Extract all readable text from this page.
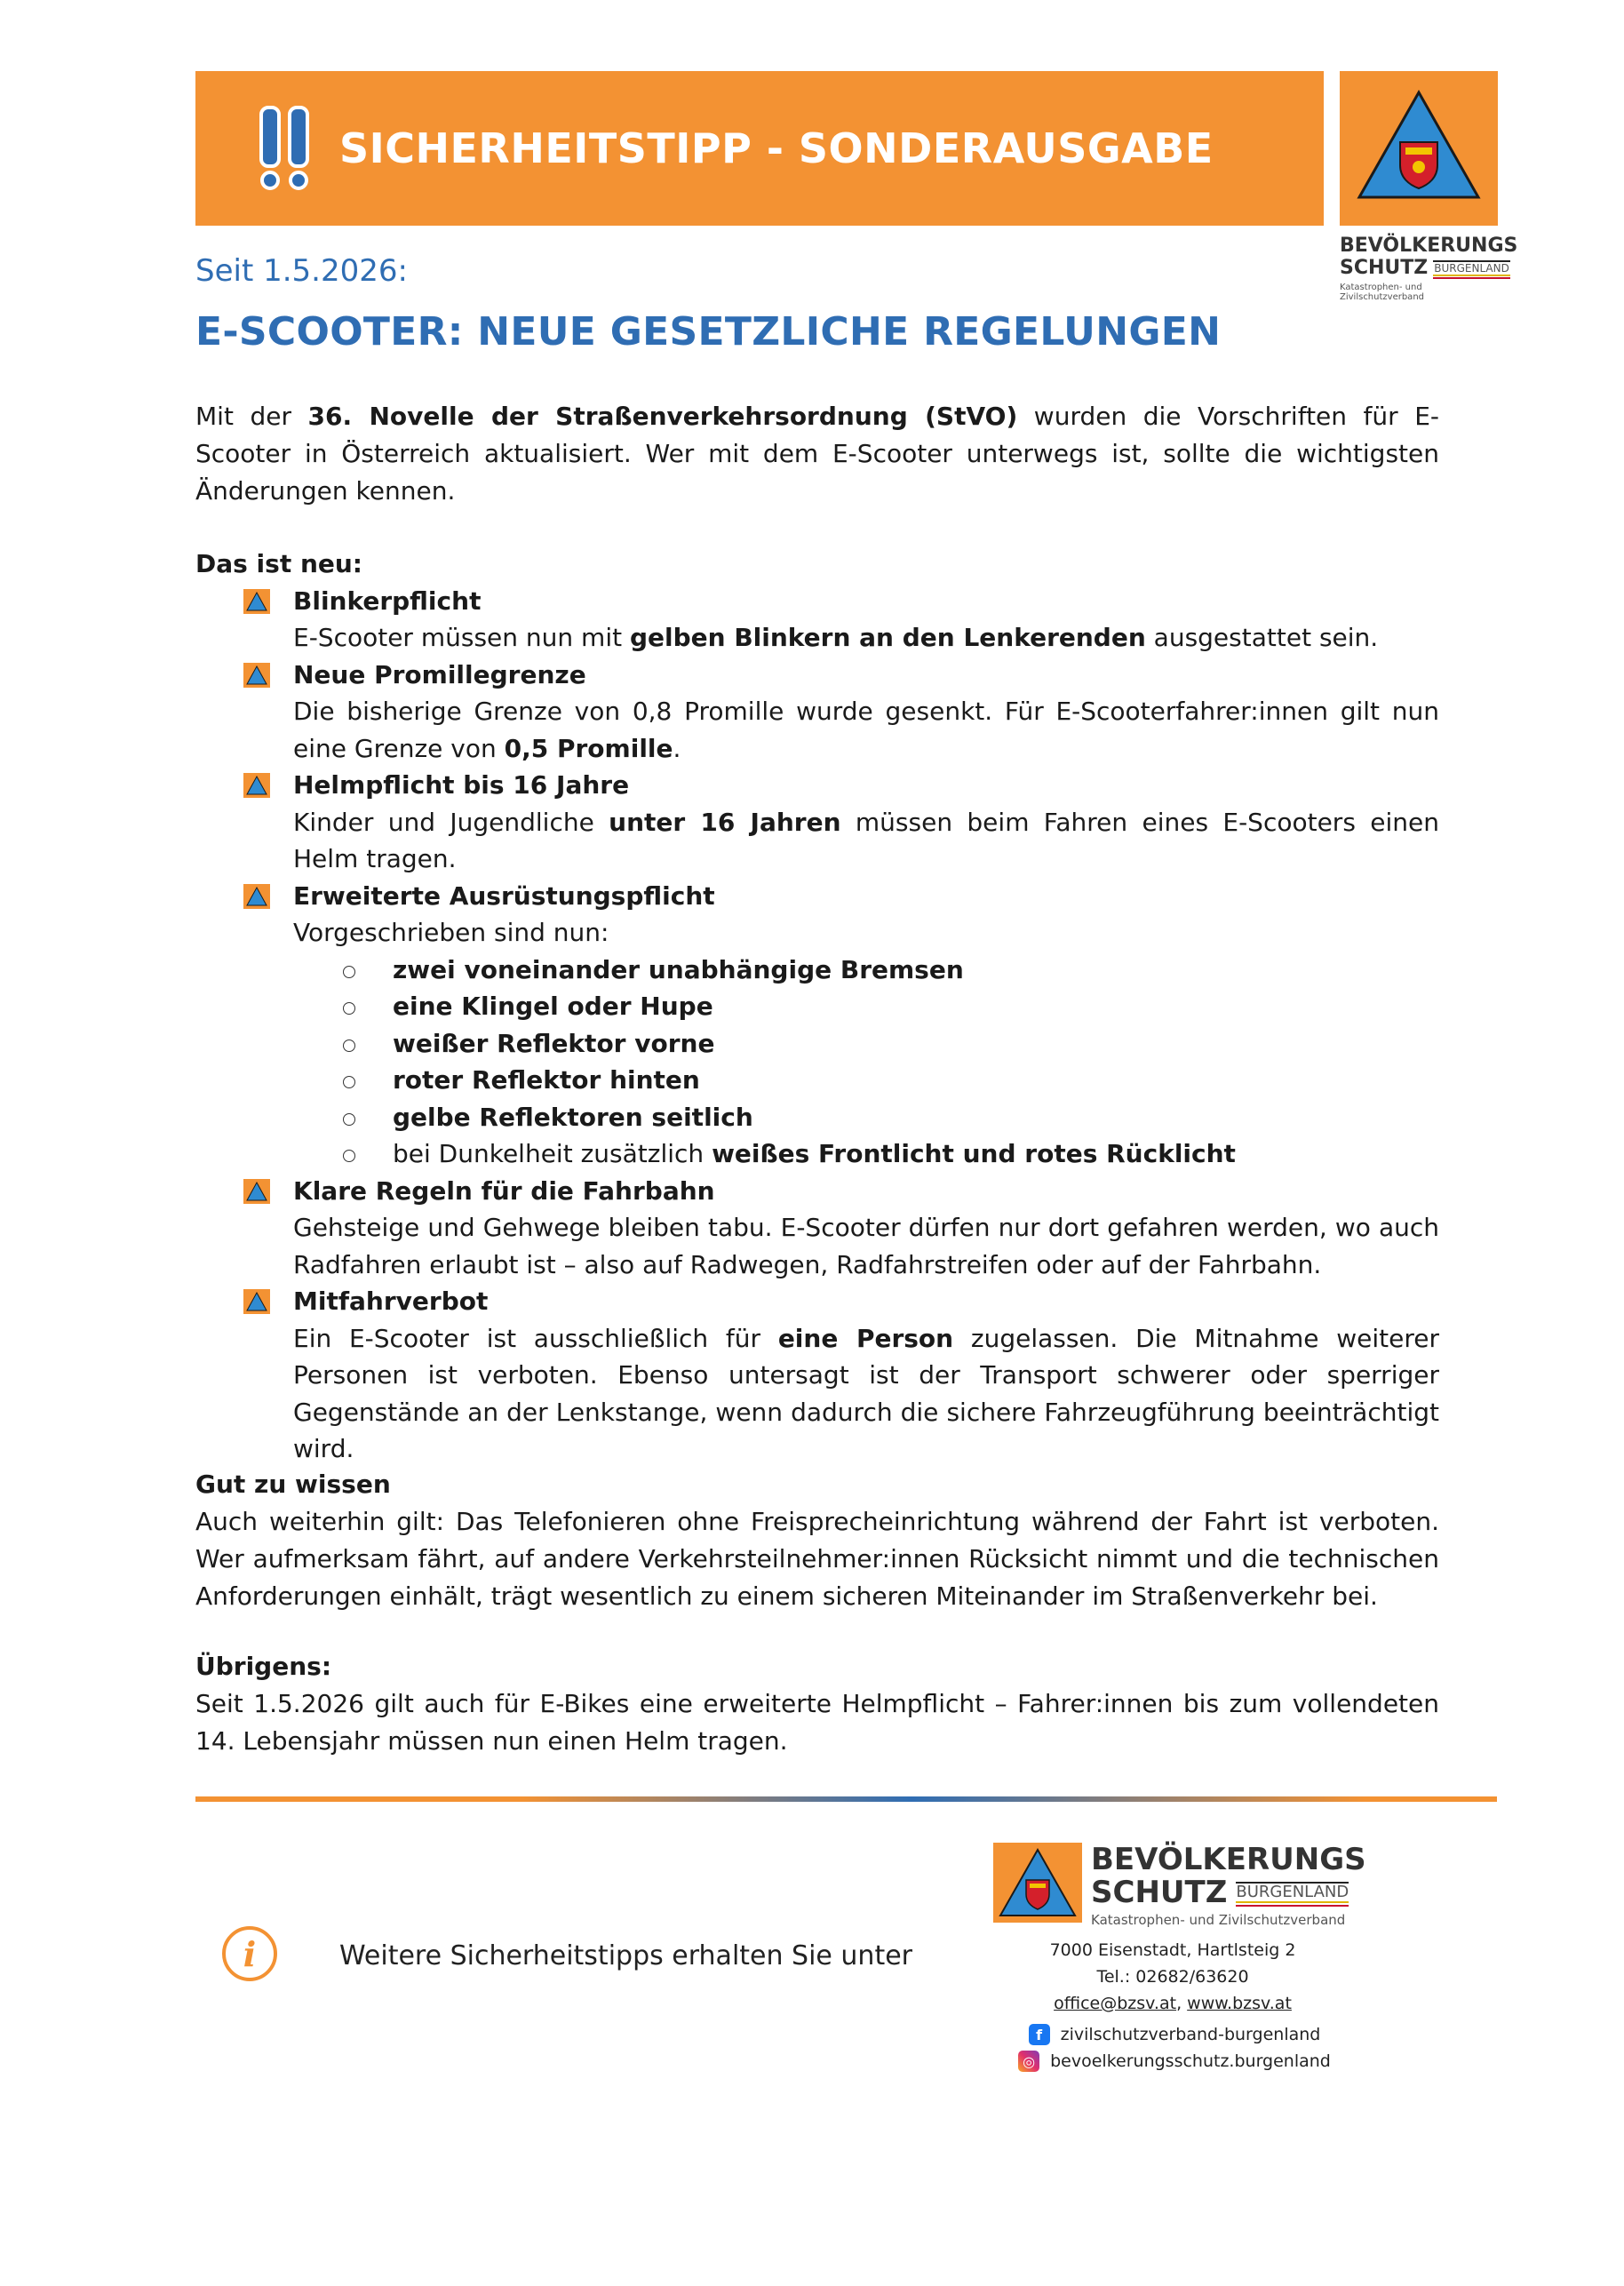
SICHERHEITSTIPP - SONDERAUSGABE
BEVÖLKERUNGS
SCHUTZ BURGENLAND
Katastrophen- und Zivilschutzverband
Seit 1.5.2026:
E-SCOOTER: NEUE GESETZLICHE REGELUNGEN
Mit der 36. Novelle der Straßenverkehrsordnung (StVO) wurden die Vorschriften für E-Scooter in Österreich aktualisiert. Wer mit dem E-Scooter unterwegs ist, sollte die wichtigsten Änderungen kennen.
Das ist neu:
Blinkerpflicht
E-Scooter müssen nun mit gelben Blinkern an den Lenkerenden ausgestattet sein.
Neue Promillegrenze
Die bisherige Grenze von 0,8 Promille wurde gesenkt. Für E-Scooterfahrer:innen gilt nun eine Grenze von 0,5 Promille.
Helmpflicht bis 16 Jahre
Kinder und Jugendliche unter 16 Jahren müssen beim Fahren eines E-Scooters einen Helm tragen.
Erweiterte Ausrüstungspflicht
Vorgeschrieben sind nun:
zwei voneinander unabhängige Bremsen
eine Klingel oder Hupe
weißer Reflektor vorne
roter Reflektor hinten
gelbe Reflektoren seitlich
bei Dunkelheit zusätzlich weißes Frontlicht und rotes Rücklicht
Klare Regeln für die Fahrbahn
Gehsteige und Gehwege bleiben tabu. E-Scooter dürfen nur dort gefahren werden, wo auch Radfahren erlaubt ist – also auf Radwegen, Radfahrstreifen oder auf der Fahrbahn.
Mitfahrverbot
Ein E-Scooter ist ausschließlich für eine Person zugelassen. Die Mitnahme weiterer Personen ist verboten. Ebenso untersagt ist der Transport schwerer oder sperriger Gegenstände an der Lenkstange, wenn dadurch die sichere Fahrzeugführung beeinträchtigt wird.
Gut zu wissen
Auch weiterhin gilt: Das Telefonieren ohne Freisprecheinrichtung während der Fahrt ist verboten. Wer aufmerksam fährt, auf andere Verkehrsteilnehmer:innen Rücksicht nimmt und die technischen Anforderungen einhält, trägt wesentlich zu einem sicheren Miteinander im Straßenverkehr bei.
Übrigens:
Seit 1.5.2026 gilt auch für E-Bikes eine erweiterte Helmpflicht – Fahrer:innen bis zum vollendeten 14. Lebensjahr müssen nun einen Helm tragen.
i	Weitere Sicherheitstipps erhalten Sie unter
BEVÖLKERUNGS
SCHUTZ BURGENLAND
Katastrophen- und Zivilschutzverband
7000 Eisenstadt, Hartlsteig 2
Tel.: 02682/63620
office@bzsv.at, www.bzsv.at
f	zivilschutzverband-burgenland
◎ bevoelkerungsschutz.burgenland
